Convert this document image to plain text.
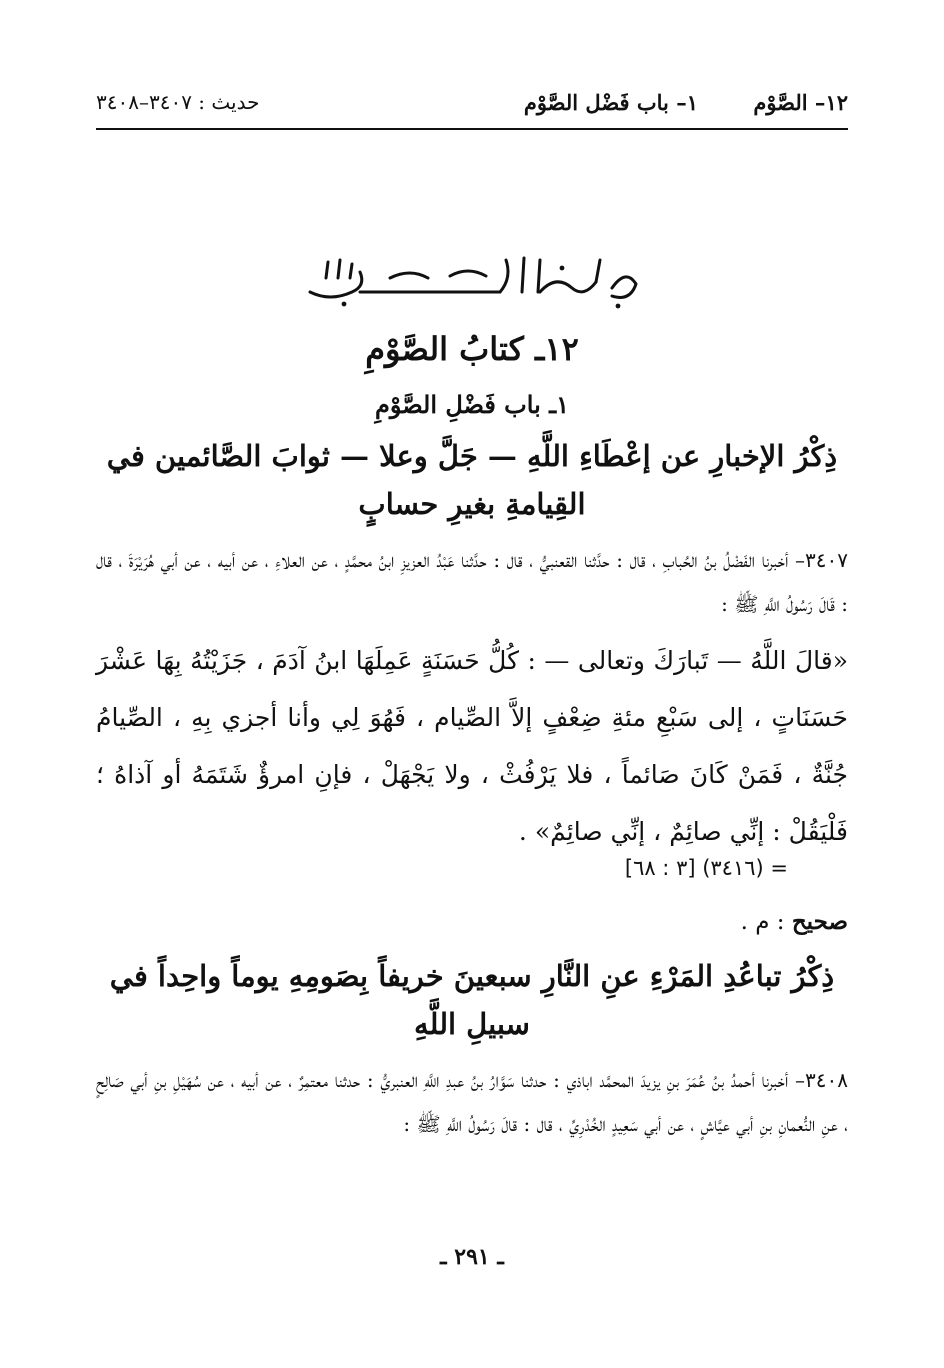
١٢– الصَّوْم
١– باب فَضْل الصَّوْم
حديث : ٣٤٠٧–٣٤٠٨
١٢ـ كتابُ الصَّوْمِ
١ـ باب فَضْلِ الصَّوْمِ
ذِكْرُ الإخبارِ عن إعْطَاءِ اللَّهِ — جَلَّ وعلا — ثوابَ الصَّائمين في القِيامةِ بغيرِ حسابٍ
٣٤٠٧– أخبرنا الفَضْلُ بنُ الحُبابِ ، قال : حدَّثنا القعنبيُّ ، قال : حدَّثنا عَبْدُ العزيزِ ابنُ محمَّدٍ ، عن العلاءِ ، عن أبيه ، عن أبي هُرَيْرَةَ ، قال : قَالَ رَسُولُ اللَّهِ ﷺ :
«قالَ اللَّهُ — تَبارَكَ وتعالى — : كُلُّ حَسَنَةٍ عَمِلَهَا ابنُ آدَمَ ، جَزَيْتُهُ بِهَا عَشْرَ حَسَنَاتٍ ، إلى سَبْعِ مئةِ ضِعْفٍ إلاَّ الصِّيام ، فَهُوَ لِي وأنا أجزي بِهِ ، الصِّيامُ جُنَّةٌ ، فَمَنْ كَانَ صَائماً ، فلا يَرْفُثْ ، ولا يَجْهَلْ ، فإنِ امرؤٌ شَتَمَهُ أو آذاهُ ؛ فَلْيَقُلْ : إنِّي صائِمٌ ، إنِّي صائِمٌ» .
= (٣٤١٦) [٣ : ٦٨]
صحيح : م .
ذِكْرُ تباعُدِ المَرْءِ عنِ النَّارِ سبعينَ خريفاً بِصَومِهِ يوماً واحِداً في سبيلِ اللَّهِ
٣٤٠٨– أخبرنا أحمدُ بنُ عُمَرَ بنِ يزيدَ المحمَّد اباذي : حدثنا سَوَّارُ بنُ عبدِ اللَّهِ العنبريُّ : حدثنا معتمِرٌ ، عن أبيه ، عن سُهَيْلِ بنِ أبي صَالِحٍ ، عنِ النُّعمانِ بنِ أبي عيَّاشٍ ، عن أبي سَعِيدٍ الخُدْرِيِّ ، قال : قالَ رَسُولُ اللَّهِ ﷺ :
ـ ٢٩١ ـ
